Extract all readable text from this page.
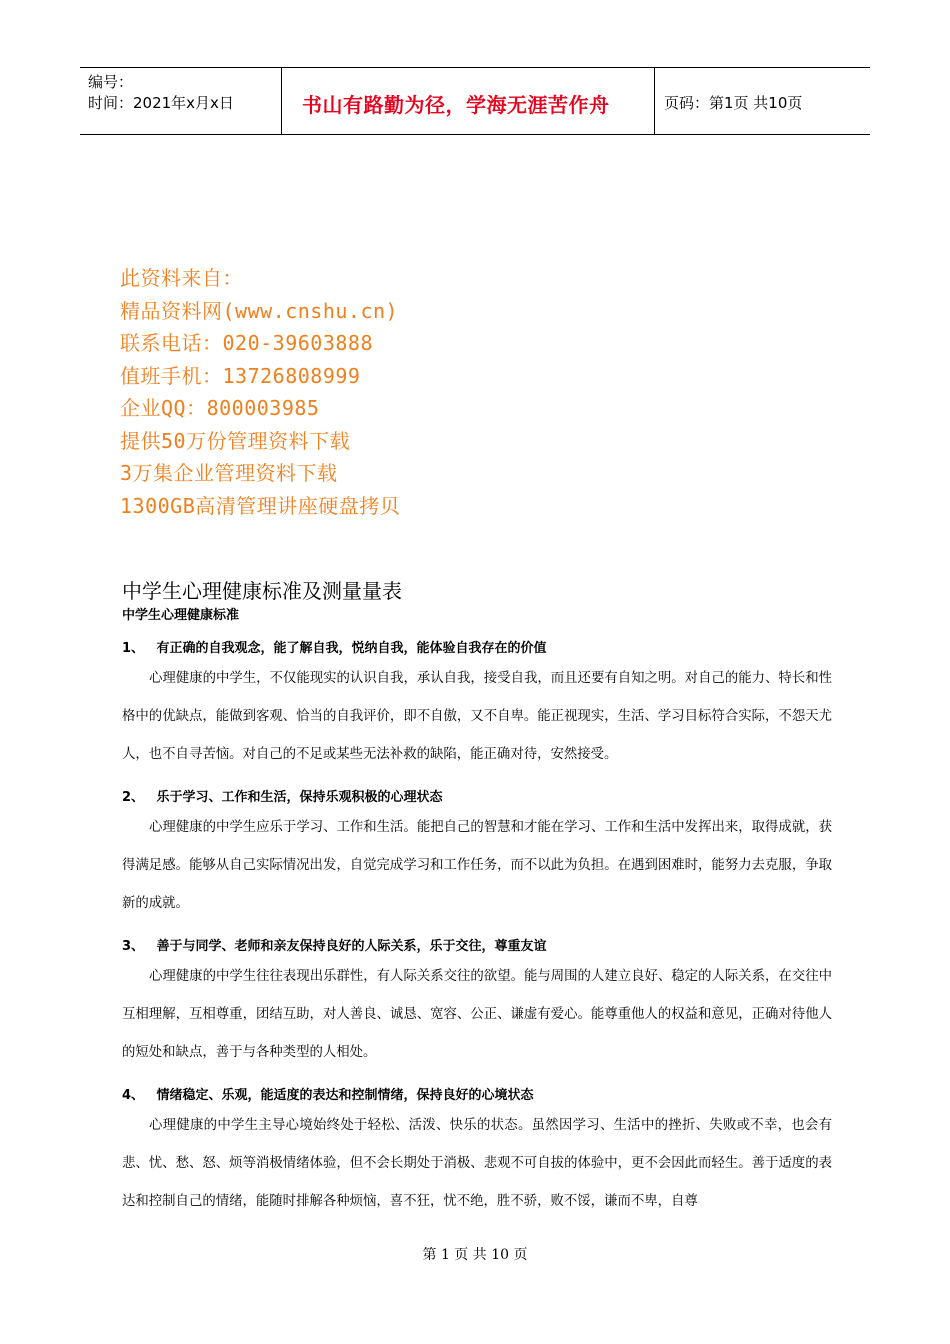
编号：
时间：2021年x月x日	书山有路勤为径，学海无涯苦作舟	页码：第1页 共10页
此资料来自：
精品资料网(www.cnshu.cn)
联系电话：020-39603888
值班手机：13726808999
企业QQ：800003985
提供50万份管理资料下载
3万集企业管理资料下载
1300GB高清管理讲座硬盘拷贝
中学生心理健康标准及测量量表
中学生心理健康标准
1、 有正确的自我观念，能了解自我，悦纳自我，能体验自我存在的价值
心理健康的中学生，不仅能现实的认识自我，承认自我，接受自我，而且还要有自知之明。对自己的能力、特长和性格中的优缺点，能做到客观、恰当的自我评价，即不自傲，又不自卑。能正视现实，生活、学习目标符合实际，不怨天尤人，也不自寻苦恼。对自己的不足或某些无法补救的缺陷，能正确对待，安然接受。
2、 乐于学习、工作和生活，保持乐观积极的心理状态
心理健康的中学生应乐于学习、工作和生活。能把自己的智慧和才能在学习、工作和生活中发挥出来，取得成就，获得满足感。能够从自己实际情况出发，自觉完成学习和工作任务，而不以此为负担。在遇到困难时，能努力去克服，争取新的成就。
3、 善于与同学、老师和亲友保持良好的人际关系，乐于交往，尊重友谊
心理健康的中学生往往表现出乐群性，有人际关系交往的欲望。能与周围的人建立良好、稳定的人际关系，在交往中互相理解，互相尊重，团结互助，对人善良、诚恳、宽容、公正、谦虚有爱心。能尊重他人的权益和意见，正确对待他人的短处和缺点，善于与各种类型的人相处。
4、 情绪稳定、乐观，能适度的表达和控制情绪，保持良好的心境状态
心理健康的中学生主导心境始终处于轻松、活泼、快乐的状态。虽然因学习、生活中的挫折、失败或不幸，也会有悲、忧、愁、怒、烦等消极情绪体验，但不会长期处于消极、悲观不可自拔的体验中，更不会因此而轻生。善于适度的表达和控制自己的情绪，能随时排解各种烦恼，喜不狂，忧不绝，胜不骄，败不馁，谦而不卑，自尊
第 1 页 共 10 页
